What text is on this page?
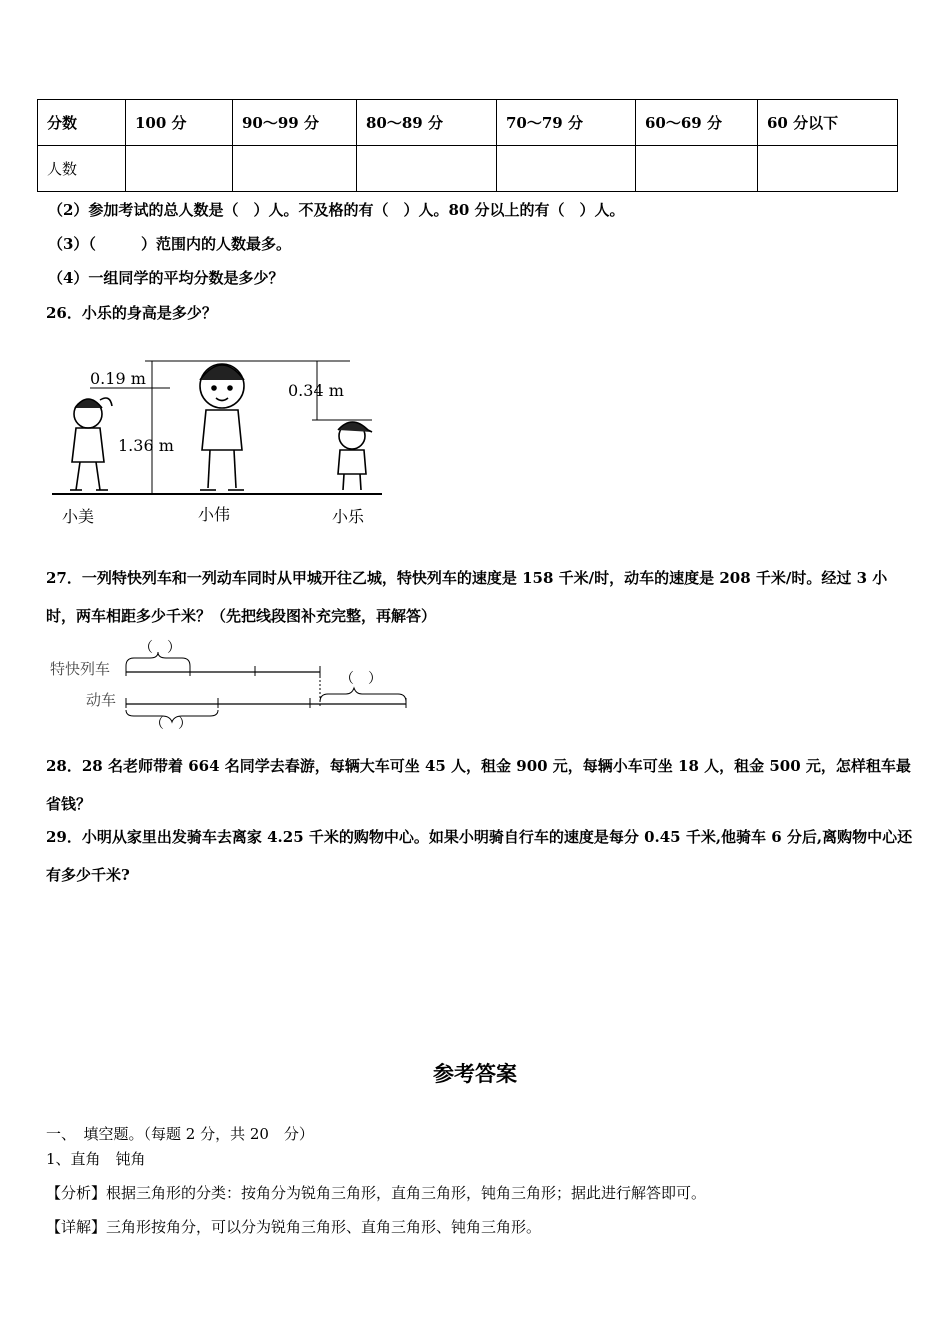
分数	100 分	90～99 分	80～89 分	70～79 分	60～69 分	60 分以下
人数						
（2）参加考试的总人数是（　）人。不及格的有（　）人。80 分以上的有（　）人。
（3）（　　　）范围内的人数最多。
（4）一组同学的平均分数是多少？
26．小乐的身高是多少？
0.19 m
1.36 m
0.34 m
小美	小伟	小乐
27．一列特快列车和一列动车同时从甲城开往乙城，特快列车的速度是 158 千米/时，动车的速度是 208 千米/时。经过 3 小时，两车相距多少千米？（先把线段图补充完整，再解答）
特快列车
动车
（　）
（　）
（　）
28．28 名老师带着 664 名同学去春游，每辆大车可坐 45 人，租金 900 元，每辆小车可坐 18 人，租金 500 元，怎样租车最省钱？
29．小明从家里出发骑车去离家 4.25 千米的购物中心。如果小明骑自行车的速度是每分 0.45 千米,他骑车 6 分后,离购物中心还有多少千米?
参考答案
一、　填空题。（每题 2 分，共 20　分）
1、直角　钝角
【分析】根据三角形的分类：按角分为锐角三角形，直角三角形，钝角三角形；据此进行解答即可。
【详解】三角形按角分，可以分为锐角三角形、直角三角形、钝角三角形。
